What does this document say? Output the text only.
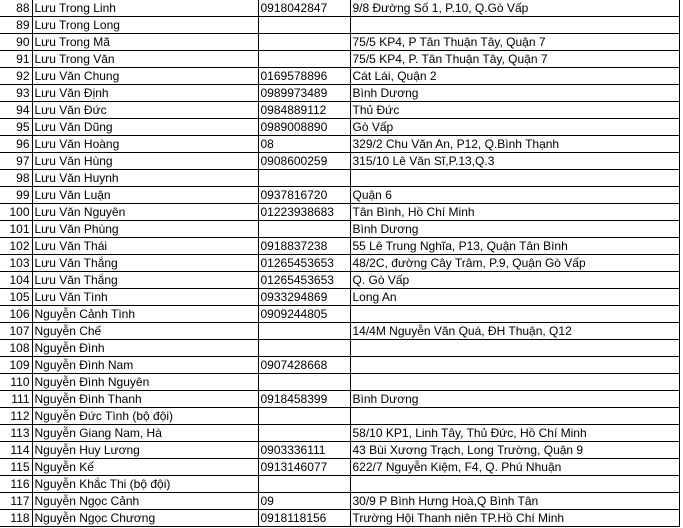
88	Lưu Trong Linh	0918042847	9/8 Đường Số 1, P.10, Q.Gò Vấp
89	Lưu Trong Long		
90	Lưu Trong Mã		75/5 KP4, P Tân Thuận Tây, Quận 7
91	Lưu Trong Văn		75/5 KP4, P. Tân Thuận Tây, Quận 7
92	Lưu Văn Chung	0169578896	Cát Lái, Quận 2
93	Lưu Văn Định	0989973489	Bình Dương
94	Lưu Văn Đức	0984889112	Thủ Đức
95	Lưu Văn Dũng	0989008890	Gò Vấp
96	Lưu Văn Hoàng	08	329/2 Chu Văn An, P12, Q.Bình Thạnh
97	Lưu Văn Hùng	0908600259	315/10 Lê Văn Sĩ,P.13,Q.3
98	Lưu Văn Huynh		
99	Lưu Văn Luận	0937816720	Quận 6
100	Lưu Văn Nguyên	01223938683	Tân Bình, Hồ Chí Minh
101	Lưu Văn Phùng		Bình Dương
102	Lưu Văn Thái	0918837238	55 Lê Trung Nghĩa, P13, Quận Tân Bình
103	Lưu Văn Thắng	01265453653	48/2C, đường Cây Trâm, P.9, Quận Gò Vấp
104	Lưu Văn Thắng	01265453653	Q. Gò Vấp
105	Lưu Văn Tình	0933294869	Long An
106	Nguyễn Cảnh Tình	0909244805	
107	Nguyễn Chế		14/4M Nguyễn Văn Quá, ĐH Thuận, Q12
108	Nguyễn Đình		
109	Nguyễn Đình Nam	0907428668	
110	Nguyễn Đình Nguyên		
111	Nguyễn Đình Thanh	0918458399	Bình Dương
112	Nguyễn Đức Tình (bộ đội)		
113	Nguyễn Giang Nam, Hà		58/10 KP1, Linh Tây, Thủ Đức, Hồ Chí Minh
114	Nguyễn Huy Lương	0903336111	43 Bùi Xương Trạch, Long Trường, Quận 9
115	Nguyễn Kế	0913146077	622/7 Nguyễn Kiệm, F4, Q. Phú Nhuận
116	Nguyễn Khắc Thi (bộ đội)		
117	Nguyễn Ngọc Cảnh	09	30/9 P Bình Hưng Hoà,Q Bình Tân
118	Nguyễn Ngọc Chương	0918118156	Trường Hội Thanh niên TP.Hồ Chí Minh
